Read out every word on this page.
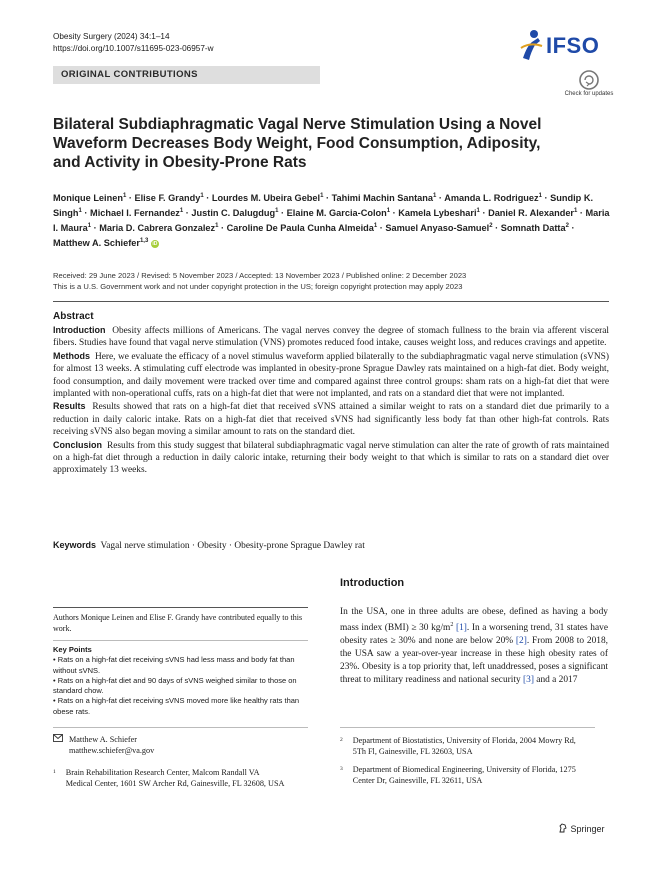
Obesity Surgery (2024) 34:1–14
https://doi.org/10.1007/s11695-023-06957-w	IFSO
ORIGINAL CONTRIBUTIONS
Check for updates
Bilateral Subdiaphragmatic Vagal Nerve Stimulation Using a Novel Waveform Decreases Body Weight, Food Consumption, Adiposity, and Activity in Obesity-Prone Rats
Monique Leinen$^1$ · Elise F. Grandy$^1$ · Lourdes M. Ubeira Gebel$^1$ · Tahimi Machin Santana$^1$ · Amanda L. Rodriguez$^1$ · Sundip K. Singh$^1$ · Michael I. Fernandez$^1$ · Justin C. Dalugdug$^1$ · Elaine M. Garcia-Colon$^1$ · Kamela Lybeshari$^1$ · Daniel R. Alexander$^1$ · Maria I. Maura$^1$ · Maria D. Cabrera Gonzalez$^1$ · Caroline De Paula Cunha Almeida$^1$ · Samuel Anyaso-Samuel$^2$ · Somnath Datta$^2$ · Matthew A. Schiefer$^{1,3}$ iD
Received: 29 June 2023 / Revised: 5 November 2023 / Accepted: 13 November 2023 / Published online: 2 December 2023
This is a U.S. Government work and not under copyright protection in the US; foreign copyright protection may apply 2023
Abstract

Introduction Obesity affects millions of Americans. The vagal nerves convey the degree of stomach fullness to the brain via afferent visceral fibers. Studies have found that vagal nerve stimulation (VNS) promotes reduced food intake, causes weight loss, and reduces cravings and appetite.

Methods Here, we evaluate the efficacy of a novel stimulus waveform applied bilaterally to the subdiaphragmatic vagal nerve stimulation (sVNS) for almost 13 weeks. A stimulating cuff electrode was implanted in obesity-prone Sprague Dawley rats maintained on a high-fat diet. Body weight, food consumption, and daily movement were tracked over time and compared against three control groups: sham rats on a high-fat diet that were implanted with non-operational cuffs, rats on a high-fat diet that were not implanted, and rats on a standard diet that were not implanted.

Results Results showed that rats on a high-fat diet that received sVNS attained a similar weight to rats on a standard diet due primarily to a reduction in daily caloric intake. Rats on a high-fat diet that received sVNS had significantly less body fat than other high-fat controls. Rats receiving sVNS also began moving a similar amount to rats on the standard diet.

Conclusion Results from this study suggest that bilateral subdiaphragmatic vagal nerve stimulation can alter the rate of growth of rats maintained on a high-fat diet through a reduction in daily caloric intake, returning their body weight to that which is similar to rats on a standard diet over approximately 13 weeks.

Keywords Vagal nerve stimulation · Obesity · Obesity-prone Sprague Dawley rat
Introduction

In the USA, one in three adults are obese, defined as having a body mass index (BMI) ≥ 30 $kg/m^2$ [1]. In a worsening trend, 31 states have obesity rates ≥ 30% and none are below 20% [2]. From 2008 to 2018, the USA saw a year-over-year increase in these high obesity rates of 23%. Obesity is a top priority that, left unaddressed, poses a significant threat to military readiness and national security [3] and a 2017

Authors Monique Leinen and Elise F. Grandy have contributed equally to this work.
Key Points
• Rats on a high-fat diet receiving sVNS had less mass and body fat than without sVNS.
• Rats on a high-fat diet and 90 days of sVNS weighed similar to those on standard chow.
• Rats on a high-fat diet receiving sVNS moved more like healthy rats than obese rats.
Matthew A. Schiefer
matthew.schiefer@va.gov
1 Brain Rehabilitation Research Center, Malcom Randall VA Medical Center, 1601 SW Archer Rd, Gainesville, FL 32608, USA
2 Department of Biostatistics, University of Florida, 2004 Mowry Rd, 5Th Fl, Gainesville, FL 32603, USA
3 Department of Biomedical Engineering, University of Florida, 1275 Center Dr, Gainesville, FL 32611, USA
Springer
